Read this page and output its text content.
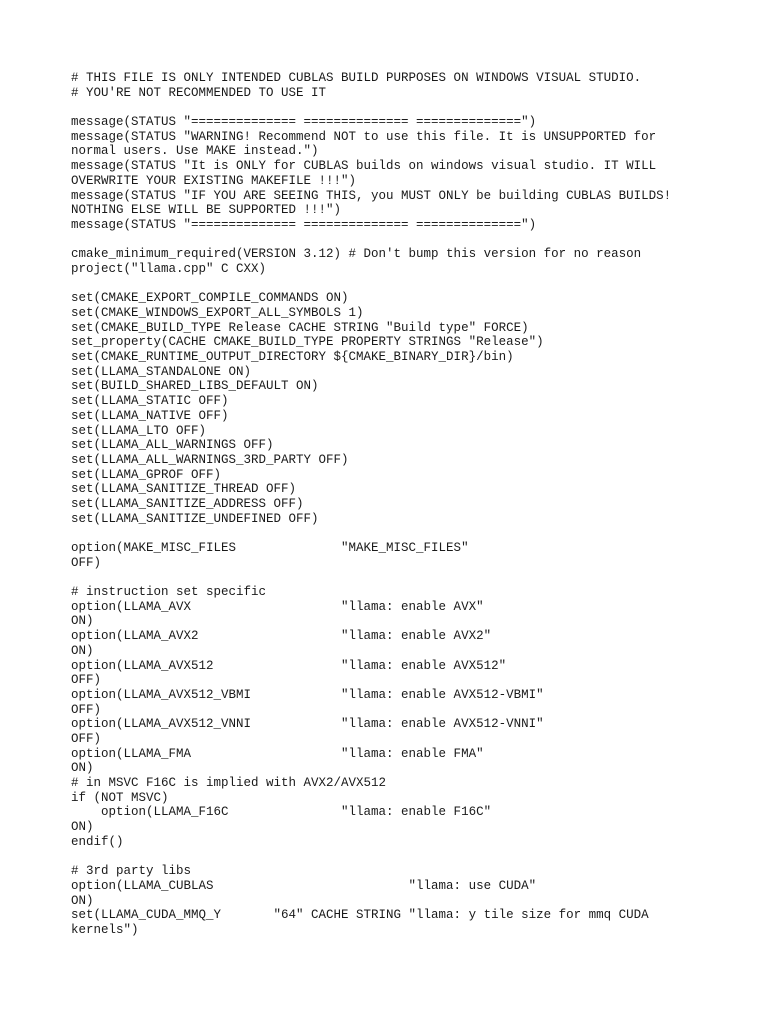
# THIS FILE IS ONLY INTENDED CUBLAS BUILD PURPOSES ON WINDOWS VISUAL STUDIO.
# YOU'RE NOT RECOMMENDED TO USE IT
message(STATUS "============== ============== ==============")
message(STATUS "WARNING! Recommend NOT to use this file. It is UNSUPPORTED for
normal users. Use MAKE instead.")
message(STATUS "It is ONLY for CUBLAS builds on windows visual studio. IT WILL
OVERWRITE YOUR EXISTING MAKEFILE !!!")
message(STATUS "IF YOU ARE SEEING THIS, you MUST ONLY be building CUBLAS BUILDS!
NOTHING ELSE WILL BE SUPPORTED !!!")
message(STATUS "============== ============== ==============")
cmake_minimum_required(VERSION 3.12) # Don't bump this version for no reason
project("llama.cpp" C CXX)
set(CMAKE_EXPORT_COMPILE_COMMANDS ON)
set(CMAKE_WINDOWS_EXPORT_ALL_SYMBOLS 1)
set(CMAKE_BUILD_TYPE Release CACHE STRING "Build type" FORCE)
set_property(CACHE CMAKE_BUILD_TYPE PROPERTY STRINGS "Release")
set(CMAKE_RUNTIME_OUTPUT_DIRECTORY ${CMAKE_BINARY_DIR}/bin)
set(LLAMA_STANDALONE ON)
set(BUILD_SHARED_LIBS_DEFAULT ON)
set(LLAMA_STATIC OFF)
set(LLAMA_NATIVE OFF)
set(LLAMA_LTO OFF)
set(LLAMA_ALL_WARNINGS OFF)
set(LLAMA_ALL_WARNINGS_3RD_PARTY OFF)
set(LLAMA_GPROF OFF)
set(LLAMA_SANITIZE_THREAD OFF)
set(LLAMA_SANITIZE_ADDRESS OFF)
set(LLAMA_SANITIZE_UNDEFINED OFF)
option(MAKE_MISC_FILES              "MAKE_MISC_FILES"
OFF)
# instruction set specific
option(LLAMA_AVX                    "llama: enable AVX"
ON)
option(LLAMA_AVX2                   "llama: enable AVX2"
ON)
option(LLAMA_AVX512                 "llama: enable AVX512"
OFF)
option(LLAMA_AVX512_VBMI            "llama: enable AVX512-VBMI"
OFF)
option(LLAMA_AVX512_VNNI            "llama: enable AVX512-VNNI"
OFF)
option(LLAMA_FMA                    "llama: enable FMA"
ON)
# in MSVC F16C is implied with AVX2/AVX512
if (NOT MSVC)
option(LLAMA_F16C               "llama: enable F16C"
ON)
endif()
# 3rd party libs
option(LLAMA_CUBLAS                          "llama: use CUDA"
ON)
set(LLAMA_CUDA_MMQ_Y       "64" CACHE STRING "llama: y tile size for mmq CUDA
kernels")
